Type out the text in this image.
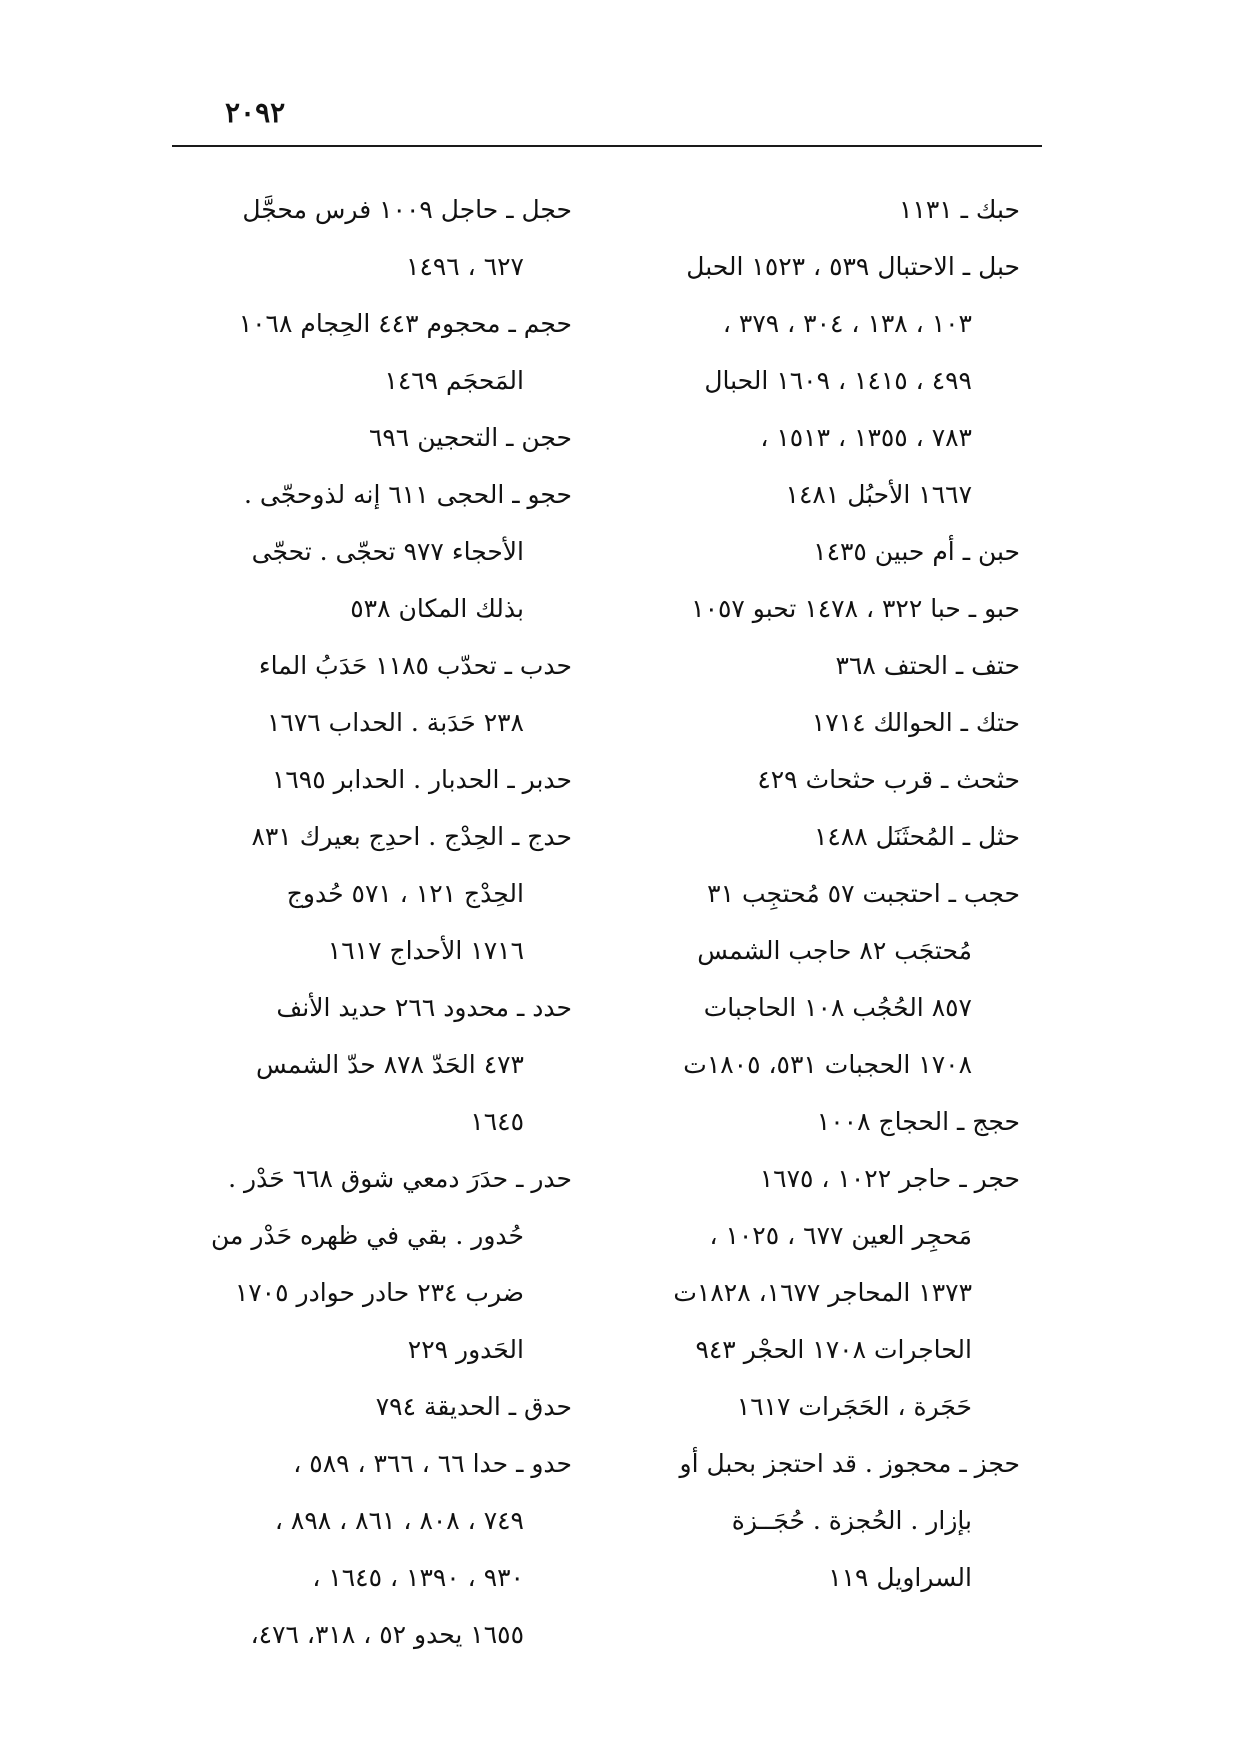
٢٠٩٢
حبك ـ ١١٣١
حبل ـ الاحتبال ٥٣٩ ، ١٥٢٣ الحبل
١٠٣ ، ١٣٨ ، ٣٠٤ ، ٣٧٩ ،
٤٩٩ ، ١٤١٥ ، ١٦٠٩ الحبال
٧٨٣ ، ١٣٥٥ ، ١٥١٣ ،
١٦٦٧ الأحبُل ١٤٨١
حبن ـ أم حبين ١٤٣٥
حبو ـ حبا ٣٢٢ ، ١٤٧٨ تحبو ١٠٥٧
حتف ـ الحتف ٣٦٨
حتك ـ الحوالك ١٧١٤
حثحث ـ قرب حثحاث ٤٢٩
حثل ـ المُحثَنَل ١٤٨٨
حجب ـ احتجبت ٥٧ مُحتجِب ٣١
مُحتجَب ٨٢ حاجب الشمس
٨٥٧ الحُجُب ١٠٨ الحاجبات
١٧٠٨ الحجبات ٥٣١، ١٨٠٥ت
حجج ـ الحجاج ١٠٠٨
حجر ـ حاجر ١٠٢٢ ، ١٦٧٥
مَحجِر العين ٦٧٧ ، ١٠٢٥ ،
١٣٧٣ المحاجر ١٦٧٧، ١٨٢٨ت
الحاجرات ١٧٠٨ الحجْر ٩٤٣
حَجَرة ، الحَجَرات ١٦١٧
حجز ـ محجوز . قد احتجز بحبل أو
بإزار . الحُجزة . حُجَــزة
السراويل ١١٩
حجل ـ حاجل ١٠٠٩ فرس محجَّل
٦٢٧ ، ١٤٩٦
حجم ـ محجوم ٤٤٣ الحِجام ١٠٦٨
المَحجَم ١٤٦٩
حجن ـ التحجين ٦٩٦
حجو ـ الحجى ٦١١ إنه لذوحجّى .
الأحجاء ٩٧٧ تحجّى . تحجّى
بذلك المكان ٥٣٨
حدب ـ تحدّب ١١٨٥ حَدَبُ الماء
٢٣٨ حَدَبة . الحداب ١٦٧٦
حدبر ـ الحدبار . الحدابر ١٦٩٥
حدج ـ الحِدْج . احدِج بعيرك ٨٣١
الحِدْج ١٢١ ، ٥٧١ حُدوج
١٧١٦ الأحداج ١٦١٧
حدد ـ محدود ٢٦٦ حديد الأنف
٤٧٣ الحَدّ ٨٧٨ حدّ الشمس
١٦٤٥
حدر ـ حدَرَ دمعي شوق ٦٦٨ حَدْر .
حُدور . بقي في ظهره حَدْر من
ضرب ٢٣٤ حادر حوادر ١٧٠٥
الحَدور ٢٢٩
حدق ـ الحديقة ٧٩٤
حدو ـ حدا ٦٦ ، ٣٦٦ ، ٥٨٩ ،
٧٤٩ ، ٨٠٨ ، ٨٦١ ، ٨٩٨ ،
٩٣٠ ، ١٣٩٠ ، ١٦٤٥ ،
١٦٥٥ يحدو ٥٢ ، ٣١٨، ٤٧٦،
